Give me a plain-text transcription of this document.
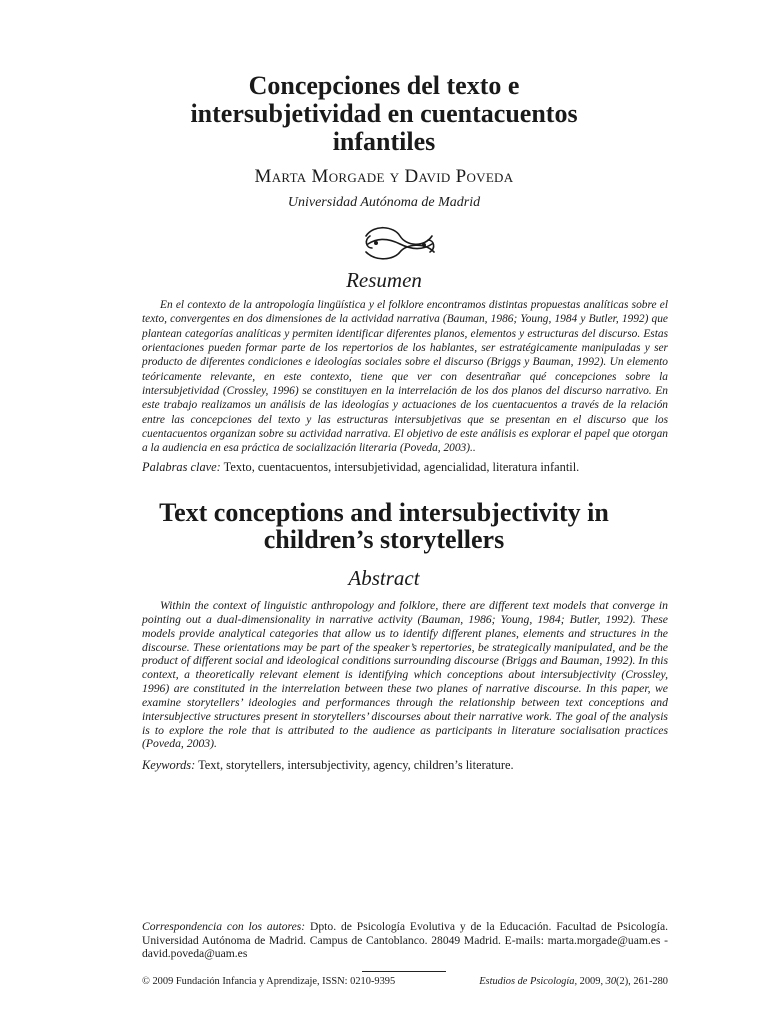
Concepciones del texto e
intersubjetividad en cuentacuentos
infantiles
Marta Morgade y David Poveda
Universidad Autónoma de Madrid
Resumen

En el contexto de la antropología lingüística y el folklore encontramos distintas propuestas analíticas sobre el texto, convergentes en dos dimensiones de la actividad narrativa (Bauman, 1986; Young, 1984 y Butler, 1992) que plantean categorías analíticas y permiten identificar diferentes planos, elementos y estructuras del discurso. Estas orientaciones pueden formar parte de los repertorios de los hablantes, ser estratégicamente manipuladas y ser producto de diferentes condiciones e ideologías sociales sobre el discurso (Briggs y Bauman, 1992). Un elemento teóricamente relevante, en este contexto, tiene que ver con desentrañar qué concepciones sobre la intersubjetividad (Crossley, 1996) se constituyen en la interrelación de los dos planos del discurso narrativo. En este trabajo realizamos un análisis de las ideologías y actuaciones de los cuentacuentos a través de la relación entre las concepciones del texto y las estructuras intersubjetivas que se presentan en el discurso que los cuentacuentos organizan sobre su actividad narrativa. El objetivo de este análisis es explorar el papel que otorgan a la audiencia en esa práctica de socialización literaria (Poveda, 2003)..

Palabras clave: Texto, cuentacuentos, intersubjetividad, agencialidad, literatura infantil.
Text conceptions and intersubjectivity in
children’s storytellers
Abstract

Within the context of linguistic anthropology and folklore, there are different text models that converge in pointing out a dual-dimensionality in narrative activity (Bauman, 1986; Young, 1984; Butler, 1992). These models provide analytical categories that allow us to identify different planes, elements and structures in the discourse. These orientations may be part of the speaker’s repertories, be strategically manipulated, and be the product of different social and ideological conditions surrounding discourse (Briggs and Bauman, 1992). In this context, a theoretically relevant element is identifying which conceptions about intersubjectivity (Crossley, 1996) are constituted in the interrelation between these two planes of narrative discourse. In this paper, we examine storytellers’ ideologies and performances through the relationship between text conceptions and intersubjective structures present in storytellers’ discourses about their narrative work. The goal of the analysis is to explore the role that is attributed to the audience as participants in literature socialisation practices (Poveda, 2003).

Keywords: Text, storytellers, intersubjectivity, agency, children’s literature.
Correspondencia con los autores: Dpto. de Psicología Evolutiva y de la Educación. Facultad de Psicología. Universidad Autónoma de Madrid. Campus de Cantoblanco. 28049 Madrid. E-mails: marta.morgade@uam.es - david.poveda@uam.es
© 2009 Fundación Infancia y Aprendizaje, ISSN: 0210-9395	Estudios de Psicología, 2009, 30(2), 261-280
